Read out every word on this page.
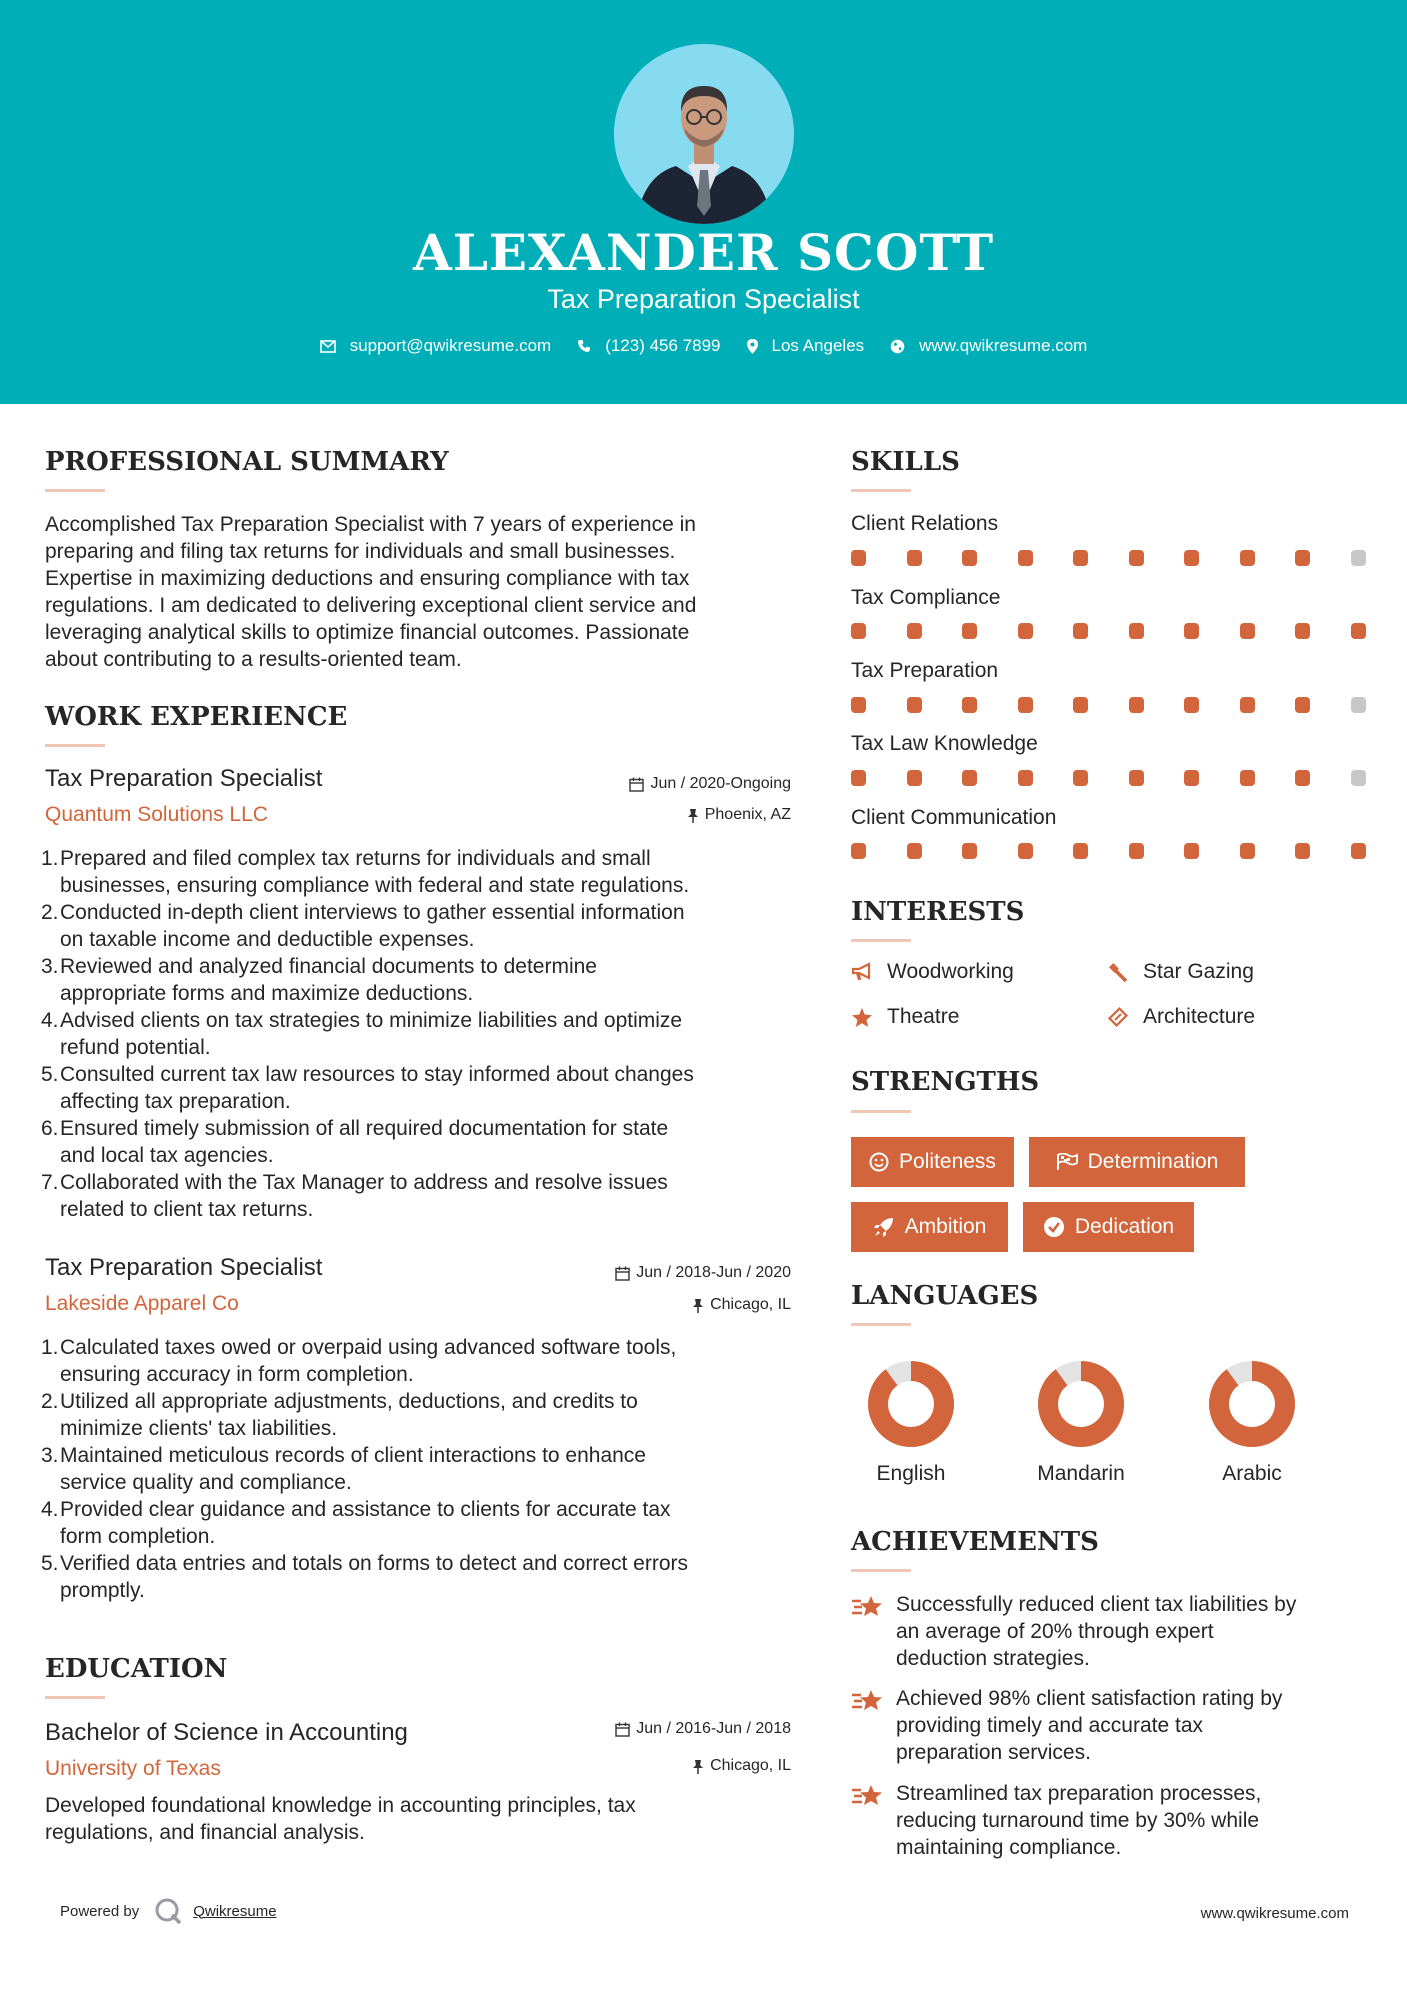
ALEXANDER SCOTT
Tax Preparation Specialist
support@qwikresume.com	(123) 456 7899	Los Angeles	www.qwikresume.com
PROFESSIONAL SUMMARY
Accomplished Tax Preparation Specialist with 7 years of experience in
preparing and filing tax returns for individuals and small businesses.
Expertise in maximizing deductions and ensuring compliance with tax
regulations. I am dedicated to delivering exceptional client service and
leveraging analytical skills to optimize financial outcomes. Passionate
about contributing to a results-oriented team.
WORK EXPERIENCE
Tax Preparation Specialist
Quantum Solutions LLC
Jun / 2020-Ongoing
Phoenix, AZ
1. Prepared and filed complex tax returns for individuals and small
businesses, ensuring compliance with federal and state regulations.
2. Conducted in-depth client interviews to gather essential information
on taxable income and deductible expenses.
3. Reviewed and analyzed financial documents to determine
appropriate forms and maximize deductions.
4. Advised clients on tax strategies to minimize liabilities and optimize
refund potential.
5. Consulted current tax law resources to stay informed about changes
affecting tax preparation.
6. Ensured timely submission of all required documentation for state
and local tax agencies.
7. Collaborated with the Tax Manager to address and resolve issues
related to client tax returns.
Tax Preparation Specialist
Lakeside Apparel Co
Jun / 2018-Jun / 2020
Chicago, IL
1. Calculated taxes owed or overpaid using advanced software tools,
ensuring accuracy in form completion.
2. Utilized all appropriate adjustments, deductions, and credits to
minimize clients' tax liabilities.
3. Maintained meticulous records of client interactions to enhance
service quality and compliance.
4. Provided clear guidance and assistance to clients for accurate tax
form completion.
5. Verified data entries and totals on forms to detect and correct errors
promptly.
EDUCATION
Bachelor of Science in Accounting
University of Texas
Jun / 2016-Jun / 2018
Chicago, IL
Developed foundational knowledge in accounting principles, tax
regulations, and financial analysis.
SKILLS
Client Relations
Tax Compliance
Tax Preparation
Tax Law Knowledge
Client Communication
INTERESTS
Woodworking	Star Gazing
Theatre	Architecture
STRENGTHS
Politeness	Determination
Ambition	Dedication
LANGUAGES
English	Mandarin	Arabic
ACHIEVEMENTS
Successfully reduced client tax liabilities by
an average of 20% through expert
deduction strategies.
Achieved 98% client satisfaction rating by
providing timely and accurate tax
preparation services.
Streamlined tax preparation processes,
reducing turnaround time by 30% while
maintaining compliance.
Powered by	Qwikresume	www.qwikresume.com
